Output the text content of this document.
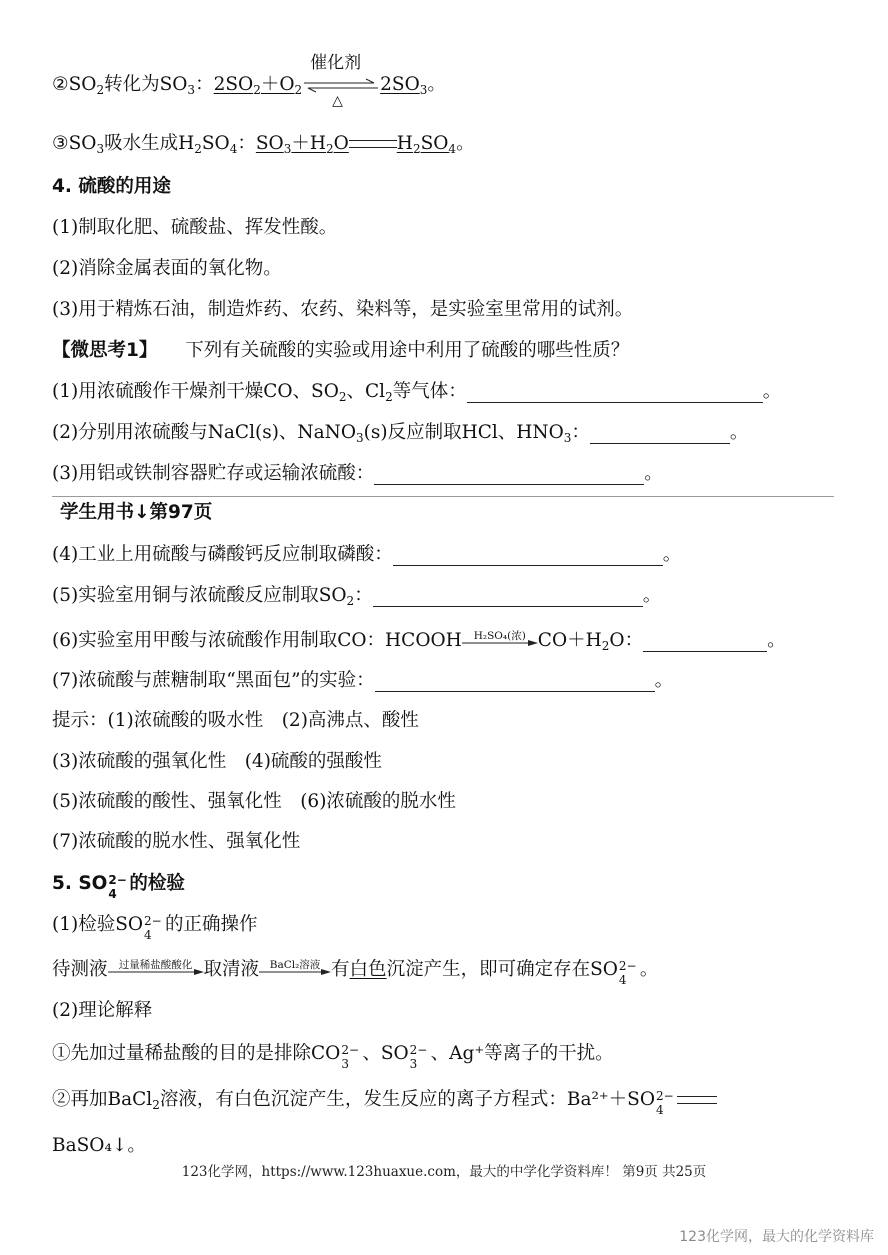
$②SO_2$转化为$SO_3$：$2SO_2+O_2$
催化剂
△
$2SO_3$。
$③SO_3$吸水生成$H_2SO_4$：$SO_3+H_2O$	$H_2SO_4$。
4. 硫酸的用途
(1)制取化肥、硫酸盐、挥发性酸。
(2)消除金属表面的氧化物。
(3)用于精炼石油，制造炸药、农药、染料等，是实验室里常用的试剂。
【微思考1】 下列有关硫酸的实验或用途中利用了硫酸的哪些性质？
(1)用浓硫酸作干燥剂干燥CO、$SO_2$、$Cl_2$等气体：	。
(2)分别用浓硫酸与NaCl(s)、NaNO$_3$(s)反应制取HCl、$HNO_3$：	。
(3)用铝或铁制容器贮存或运输浓硫酸：	。
学生用书↓第97页
(4)工业上用硫酸与磷酸钙反应制取磷酸：	。
(5)实验室用铜与浓硫酸反应制取$SO_2$：	。
(6)实验室用甲酸与浓硫酸作用制取CO：HCOOH	H₂SO₄(浓) $CO+H_2O$：	。
(7)浓硫酸与蔗糖制取“黑面包”的实验：	。
提示：(1)浓硫酸的吸水性　(2)高沸点、酸性
(3)浓硫酸的强氧化性　(4)硫酸的强酸性
(5)浓硫酸的酸性、强氧化性　(6)浓硫酸的脱水性
(7)浓硫酸的脱水性、强氧化性
5. SO 2−
4 的检验
(1)检验SO 2−
4 的正确操作
待测液	过量稀盐酸酸化 取清液	BaCl₂溶液 有白色沉淀产生，即可确定存在SO 2−
4 。
(2)理论解释
①先加过量稀盐酸的目的是排除CO 2−
3 、SO 2−
3 、Ag⁺等离子的干扰。
②再加BaCl$_2$溶液，有白色沉淀产生，发生反应的离子方程式：Ba²⁺＋SO 2−
4
BaSO₄↓。
123化学网，https://www.123huaxue.com，最大的中学化学资料库！ 第9页 共25页
123化学网，最大的化学资料库
